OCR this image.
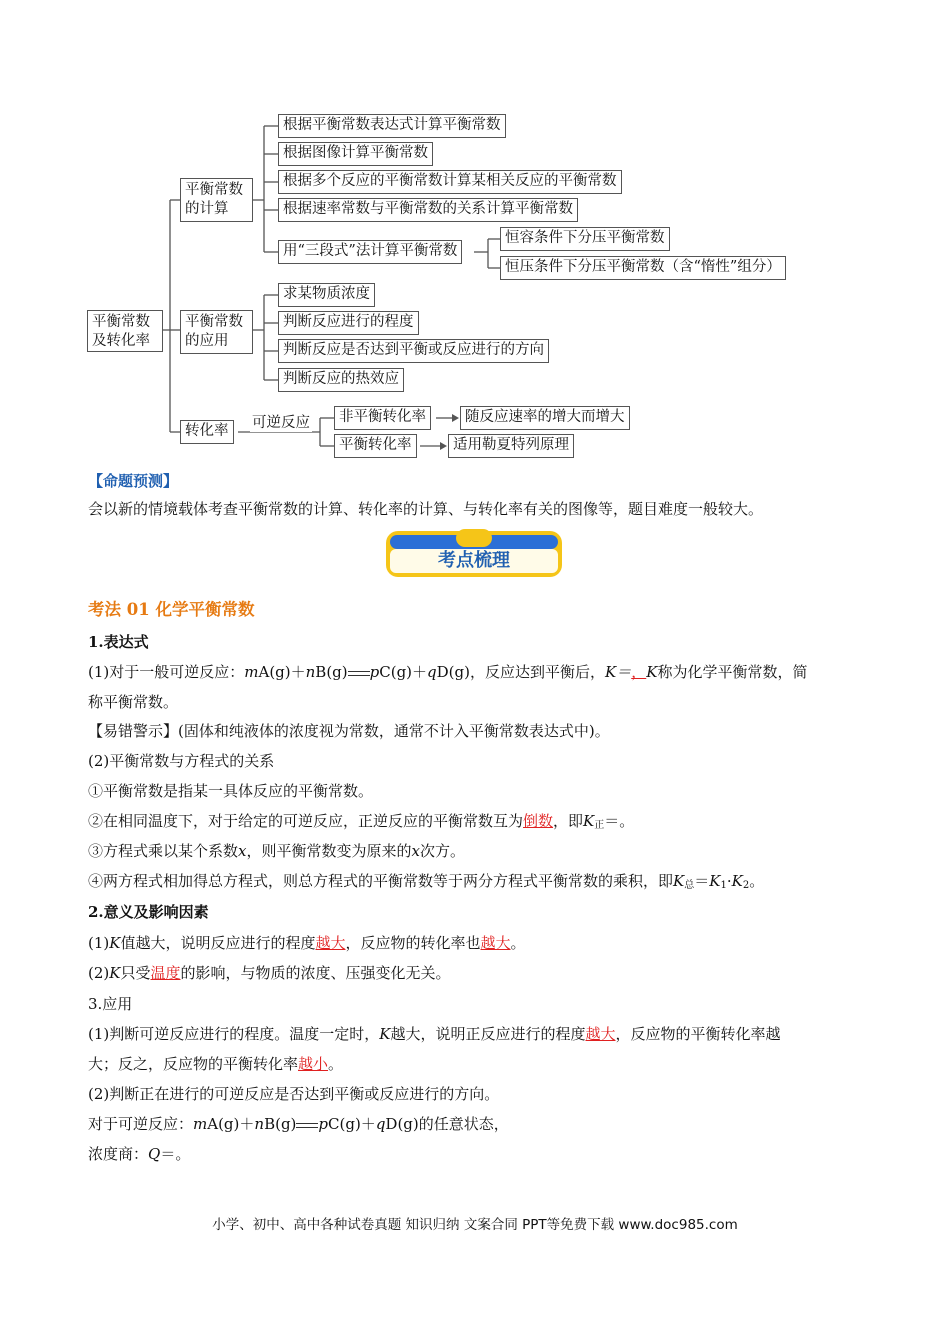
平衡常数
及转化率
平衡常数
的计算
根据平衡常数表达式计算平衡常数
根据图像计算平衡常数
根据多个反应的平衡常数计算某相关反应的平衡常数
根据速率常数与平衡常数的关系计算平衡常数
用“三段式”法计算平衡常数
恒容条件下分压平衡常数
恒压条件下分压平衡常数（含“惰性”组分）
平衡常数
的应用
求某物质浓度
判断反应进行的程度
判断反应是否达到平衡或反应进行的方向
判断反应的热效应
转化率	可逆反应	非平衡转化率
平衡转化率
随反应速率的增大而增大
适用勒夏特列原理
【命题预测】
会以新的情境载体考查平衡常数的计算、转化率的计算、与转化率有关的图像等，题目难度一般较大。
考点梳理
考法 01 化学平衡常数
1.表达式
(1)对于一般可逆反应：mA(g)＋nB(g) pC(g)＋qD(g)，反应达到平衡后，K＝，K称为化学平衡常数，简
称平衡常数。
【易错警示】(固体和纯液体的浓度视为常数，通常不计入平衡常数表达式中)。
(2)平衡常数与方程式的关系
①平衡常数是指某一具体反应的平衡常数。
②在相同温度下，对于给定的可逆反应，正逆反应的平衡常数互为倒数，即$K_正=$。
③方程式乘以某个系数x，则平衡常数变为原来的x次方。
④两方程式相加得总方程式，则总方程式的平衡常数等于两分方程式平衡常数的乘积，即$K_总=K_1\cdot K_2$。
2.意义及影响因素
(1)K值越大，说明反应进行的程度越大，反应物的转化率也越大。
(2)K只受温度的影响，与物质的浓度、压强变化无关。
3.应用
(1)判断可逆反应进行的程度。温度一定时，K越大，说明正反应进行的程度越大，反应物的平衡转化率越
大；反之，反应物的平衡转化率越小。
(2)判断正在进行的可逆反应是否达到平衡或反应进行的方向。
对于可逆反应：mA(g)＋nB(g) pC(g)＋qD(g)的任意状态，
浓度商：Q＝。
小学、初中、高中各种试卷真题 知识归纳 文案合同 PPT等免费下载 www.doc985.com
